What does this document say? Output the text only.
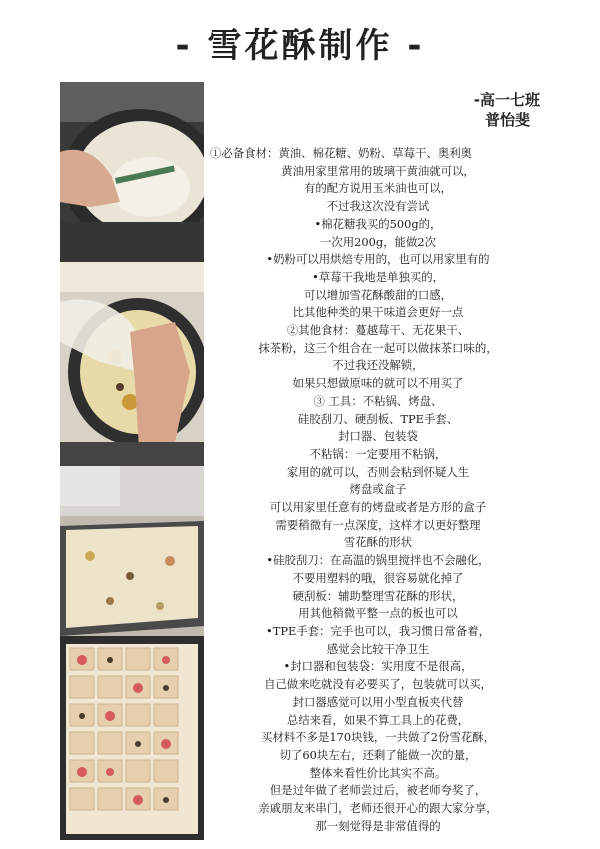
- 雪花酥制作 -
-高一七班
普怡斐
①必备食材：黄油、棉花糖、奶粉、草莓干、奥利奥
黄油用家里常用的玻璃干黄油就可以，
有的配方说用玉米油也可以，
不过我这次没有尝试
•棉花糖我买的500g的，
一次用200g，能做2次
•奶粉可以用烘焙专用的，也可以用家里有的
•草莓干我地是单独买的，
可以增加雪花酥酸甜的口感，
比其他种类的果干味道会更好一点
②其他食材：蔓越莓干、无花果干、
抹茶粉，这三个组合在一起可以做抹茶口味的，
不过我还没解锁，
如果只想做原味的就可以不用买了
③ 工具：不粘锅、烤盘、
硅胶刮刀、硬刮板、TPE手套、
封口器、包装袋
不粘锅：一定要用不粘锅，
家用的就可以，否则会粘到怀疑人生
烤盘或盒子
可以用家里任意有的烤盘或者是方形的盒子
需要稍微有一点深度，这样才以更好整理
雪花酥的形状
•硅胶刮刀：在高温的锅里搅拌也不会融化，
不要用塑料的哦，很容易就化掉了
硬刮板：辅助整理雪花酥的形状，
用其他稍微平整一点的板也可以
•TPE手套：完手也可以，我习惯日常备着，
感觉会比较干净卫生
•封口器和包装袋：实用度不是很高，
自己做来吃就没有必要买了，包装就可以买，
封口器感觉可以用小型直板夹代替
总结来看，如果不算工具上的花费，
买材料不多是170块钱，一共做了2份雪花酥，
切了60块左右，还剩了能做一次的量，
整体来看性价比其实不高。
但是过年做了老师尝过后，被老师夸奖了，
亲戚朋友来串门，老师还很开心的跟大家分享，
那一刻觉得是非常值得的
